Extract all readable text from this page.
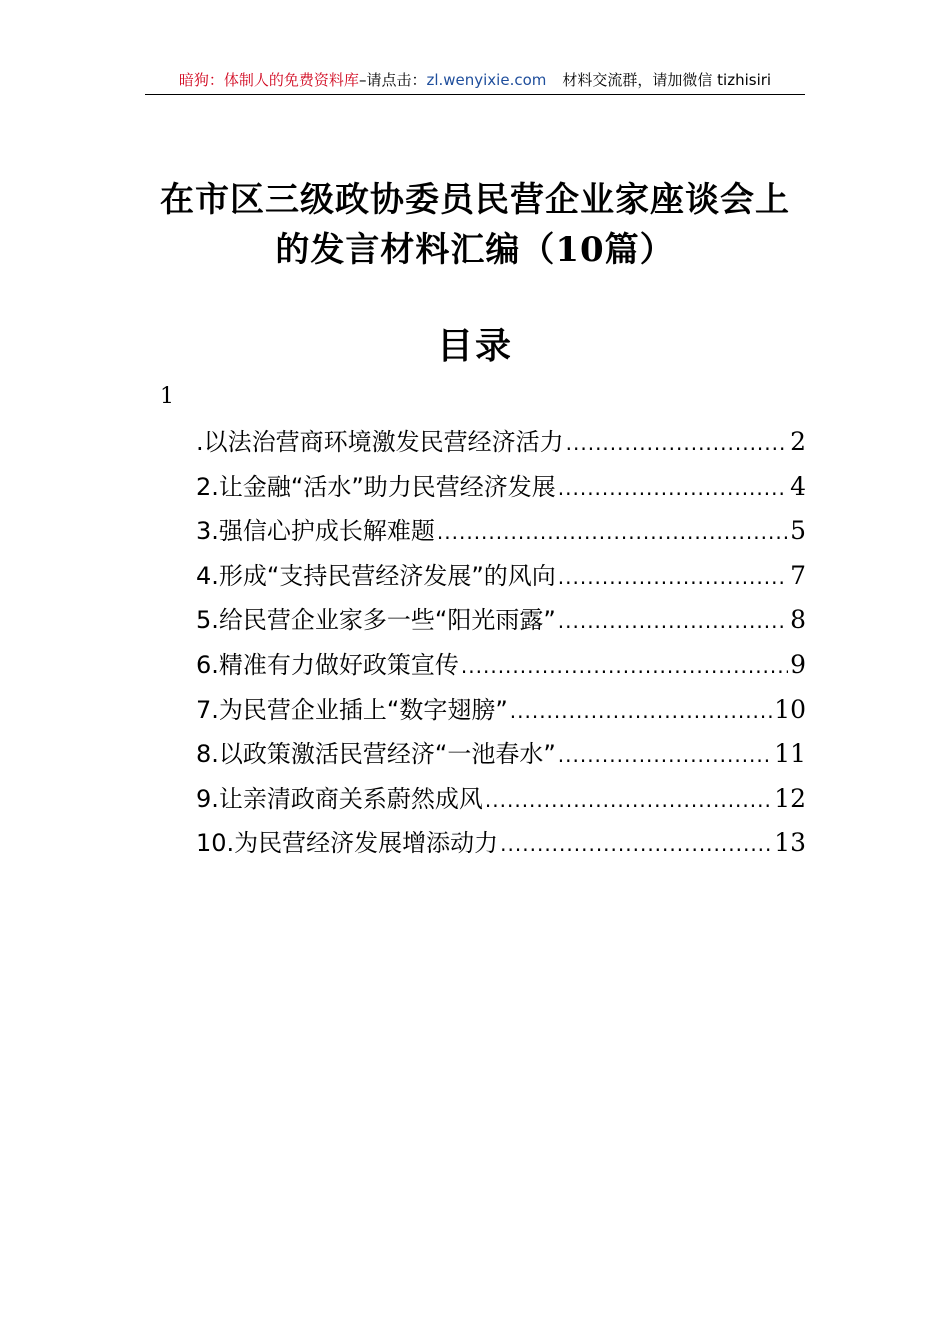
暗狗：体制人的免费资料库–请点击：zl.wenyixie.com 材料交流群，请加微信 tizhisiri
在市区三级政协委员民营企业家座谈会上
的发言材料汇编（10篇）
目录
1
.以法治营商环境激发民营经济活力 .....	2
2.让金融“活水”助力民营经济发展 .....	4
3.强信心护成长解难题 .....	5
4.形成“支持民营经济发展”的风向 .....	7
5.给民营企业家多一些“阳光雨露” .....	8
6.精准有力做好政策宣传 .....	9
7.为民营企业插上“数字翅膀” .....	10
8.以政策激活民营经济“一池春水” .....	11
9.让亲清政商关系蔚然成风 .....	12
10.为民营经济发展增添动力 .....	13
